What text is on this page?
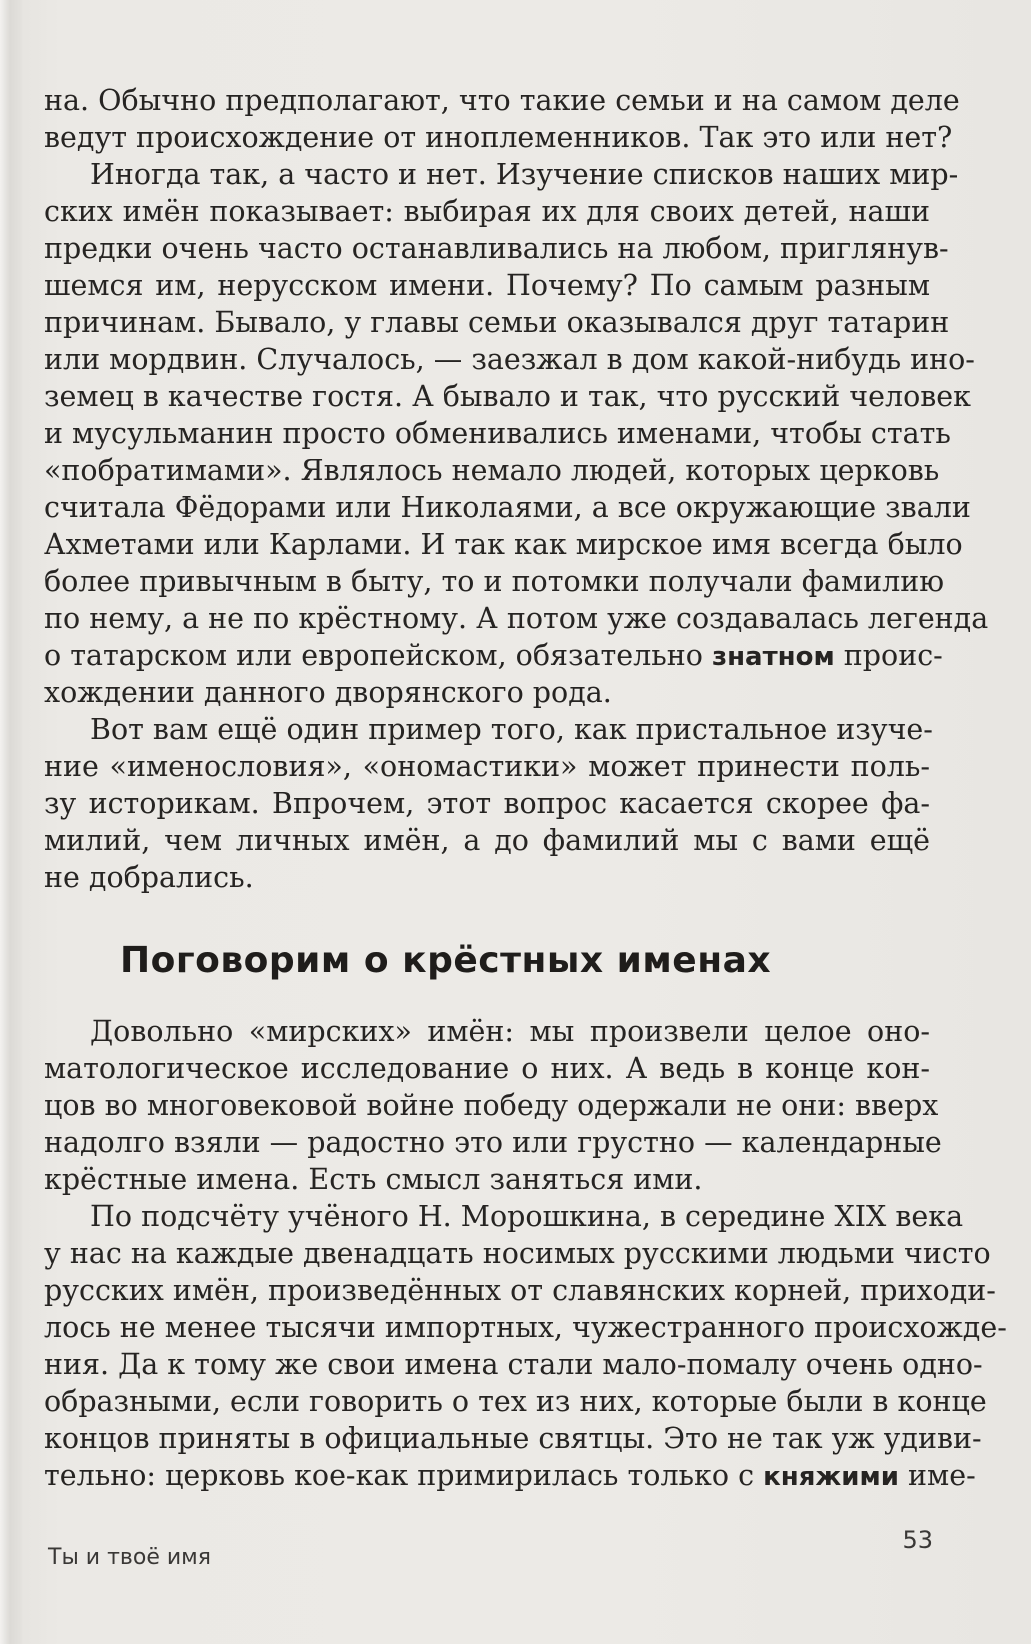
на. Обычно предполагают, что такие семьи и на самом деле
ведут происхождение от иноплеменников. Так это или нет?
Иногда так, а часто и нет. Изучение списков наших мир-
ских имён показывает: выбирая их для своих детей, наши
предки очень часто останавливались на любом, приглянув-
шемся им, нерусском имени. Почему? По самым разным
причинам. Бывало, у главы семьи оказывался друг татарин
или мордвин. Случалось, — заезжал в дом какой-нибудь ино-
земец в качестве гостя. А бывало и так, что русский человек
и мусульманин просто обменивались именами, чтобы стать
«побратимами». Являлось немало людей, которых церковь
считала Фёдорами или Николаями, а все окружающие звали
Ахметами или Карлами. И так как мирское имя всегда было
более привычным в быту, то и потомки получали фамилию
по нему, а не по крёстному. А потом уже создавалась легенда
о татарском или европейском, обязательно знатном проис-
хождении данного дворянского рода.
Вот вам ещё один пример того, как пристальное изуче-
ние «именословия», «ономастики» может принести поль-
зу историкам. Впрочем, этот вопрос касается скорее фа-
милий, чем личных имён, а до фамилий мы с вами ещё
не добрались.
Поговорим о крёстных именах
Довольно «мирских» имён: мы произвели целое оно-
матологическое исследование о них. А ведь в конце кон-
цов во многовековой войне победу одержали не они: вверх
надолго взяли — радостно это или грустно — календарные
крёстные имена. Есть смысл заняться ими.
По подсчёту учёного Н. Морошкина, в середине XIX века
у нас на каждые двенадцать носимых русскими людьми чисто
русских имён, произведённых от славянских корней, приходи-
лось не менее тысячи импортных, чужестранного происхожде-
ния. Да к тому же свои имена стали мало-помалу очень одно-
образными, если говорить о тех из них, которые были в конце
концов приняты в официальные святцы. Это не так уж удиви-
тельно: церковь кое-как примирилась только с княжими име-
Ты и твоё имя
53
